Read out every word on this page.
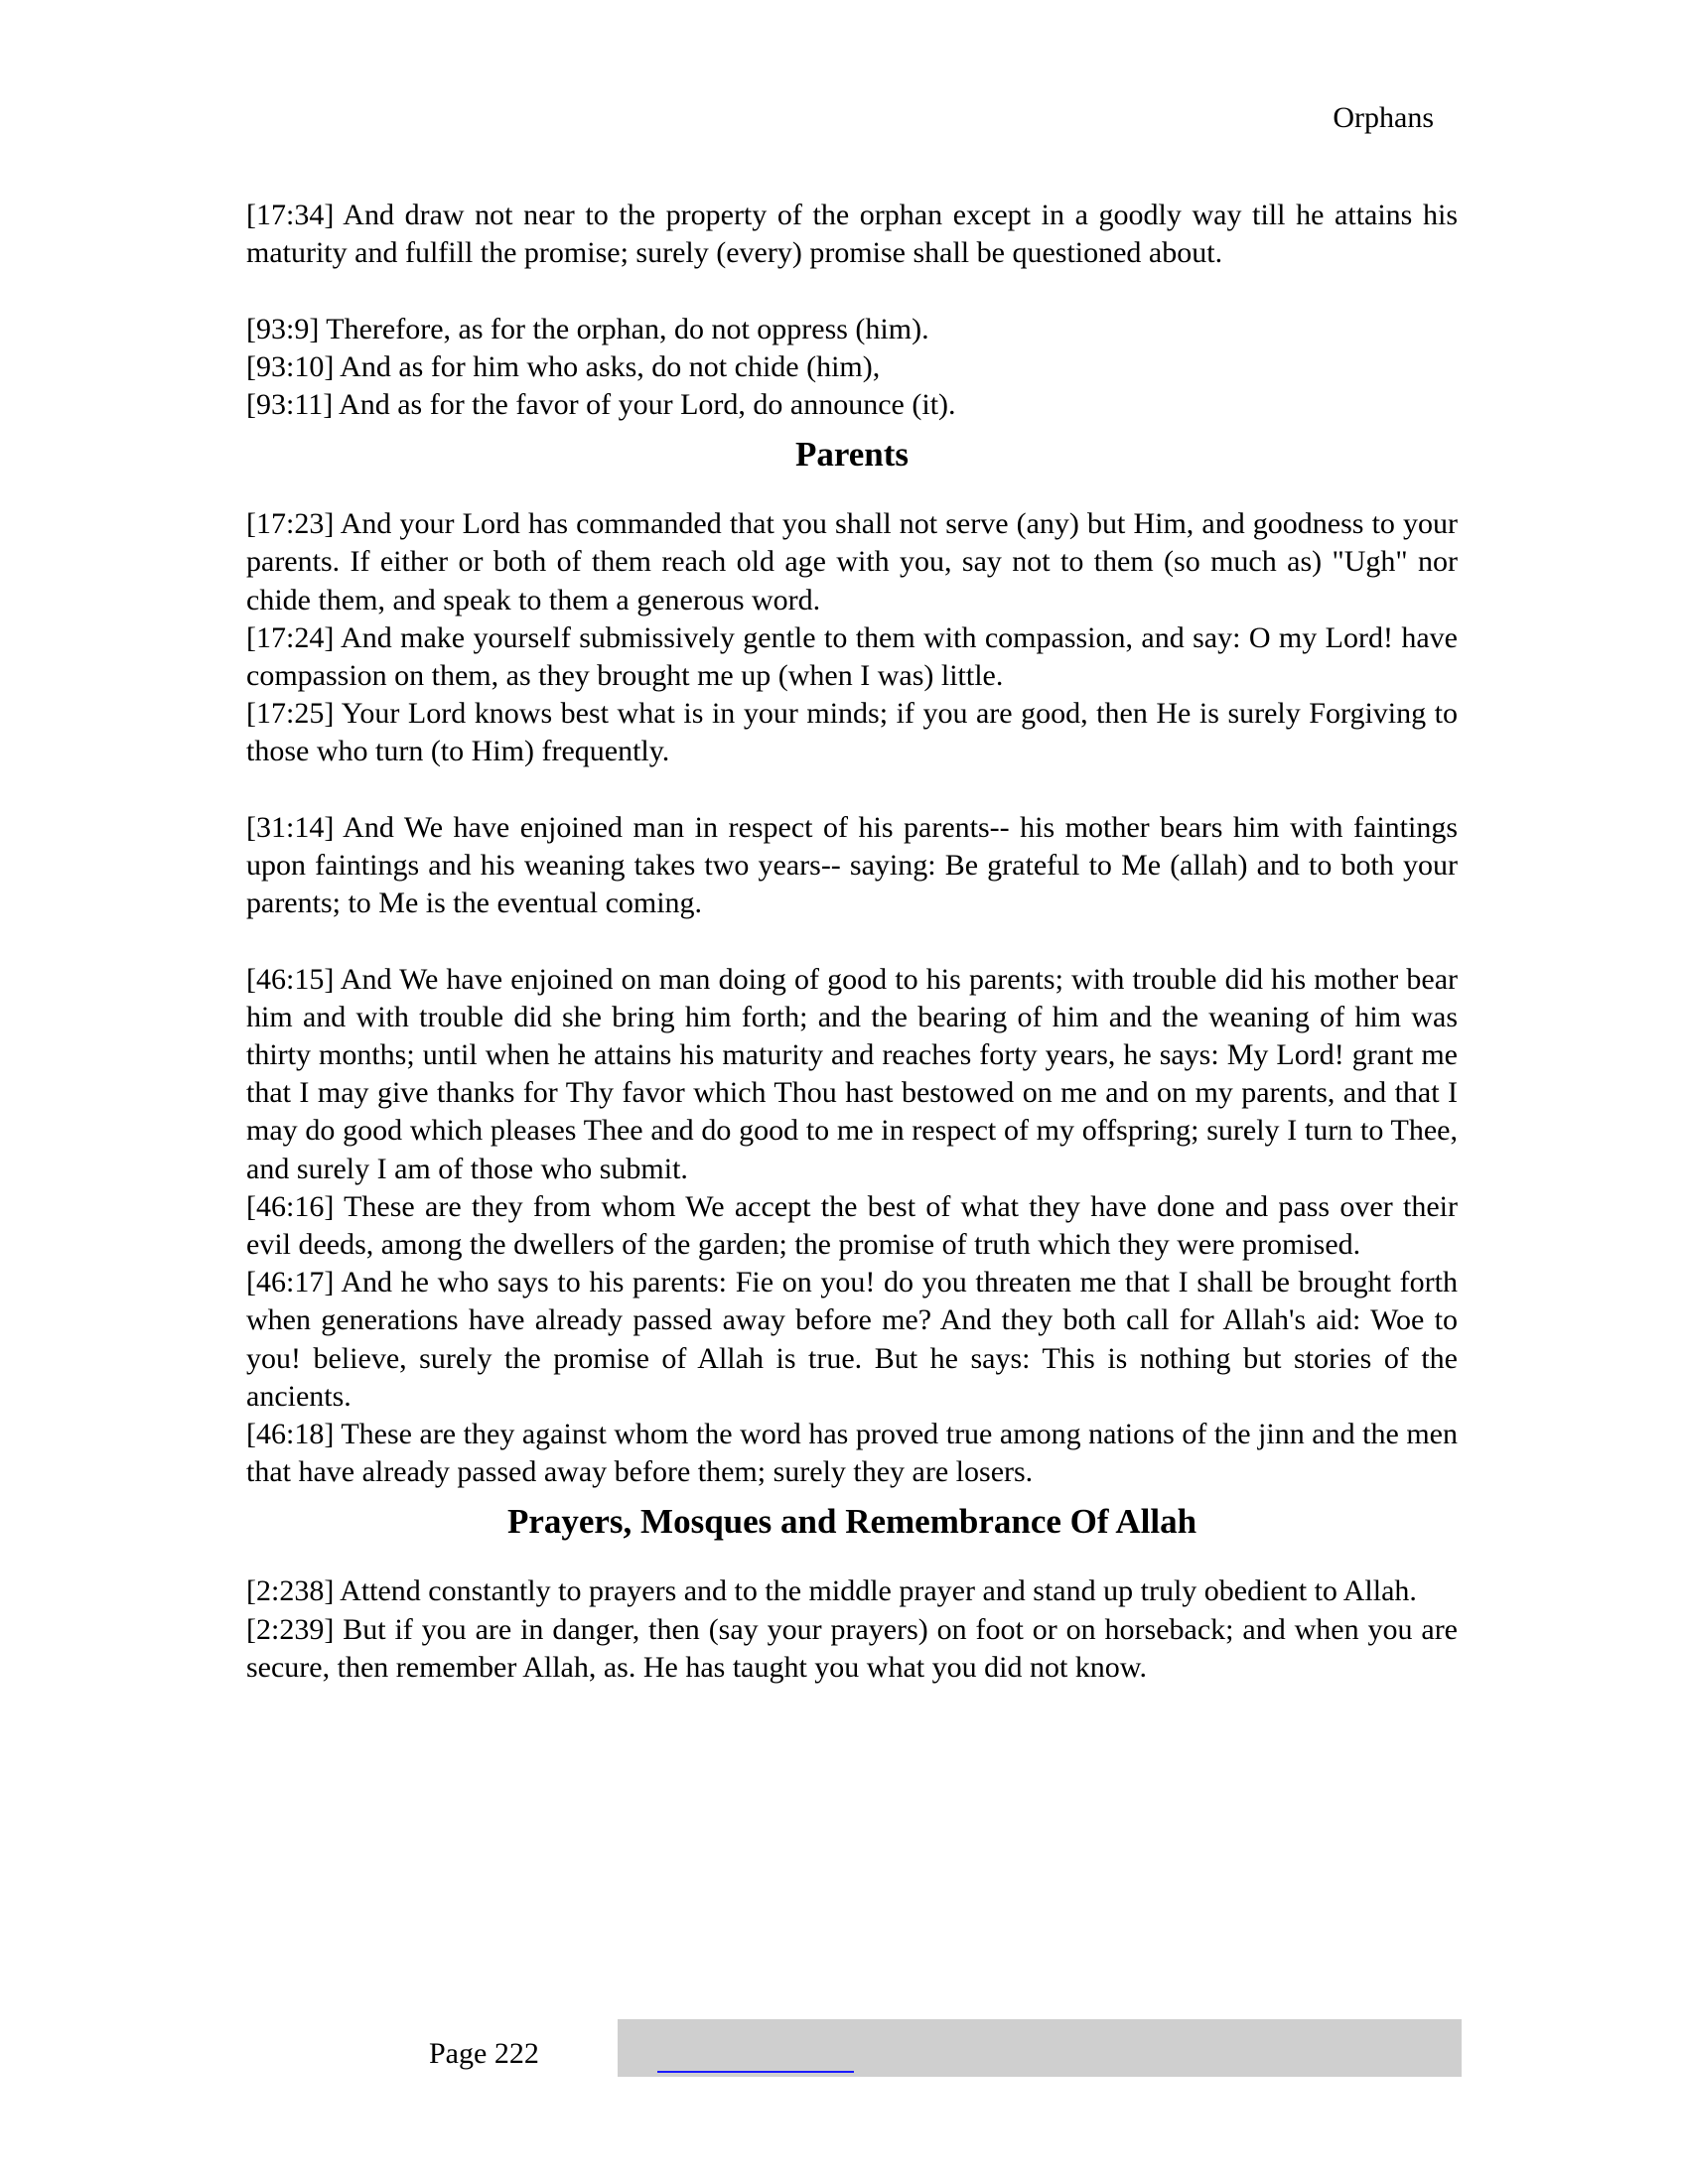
Orphans

[17:34] And draw not near to the property of the orphan except in a goodly way till he attains his maturity and fulfill the promise; surely (every) promise shall be questioned about.

[93:9] Therefore, as for the orphan, do not oppress (him).

[93:10] And as for him who asks, do not chide (him),

[93:11] And as for the favor of your Lord, do announce (it).

Parents

[17:23] And your Lord has commanded that you shall not serve (any) but Him, and goodness to your parents. If either or both of them reach old age with you, say not to them (so much as) "Ugh" nor chide them, and speak to them a generous word.

[17:24] And make yourself submissively gentle to them with compassion, and say: O my Lord! have compassion on them, as they brought me up (when I was) little.

[17:25] Your Lord knows best what is in your minds; if you are good, then He is surely Forgiving to those who turn (to Him) frequently.

[31:14] And We have enjoined man in respect of his parents-- his mother bears him with faintings upon faintings and his weaning takes two years-- saying: Be grateful to Me (allah) and to both your parents; to Me is the eventual coming.

[46:15] And We have enjoined on man doing of good to his parents; with trouble did his mother bear him and with trouble did she bring him forth; and the bearing of him and the weaning of him was thirty months; until when he attains his maturity and reaches forty years, he says: My Lord! grant me that I may give thanks for Thy favor which Thou hast bestowed on me and on my parents, and that I may do good which pleases Thee and do good to me in respect of my offspring; surely I turn to Thee, and surely I am of those who submit.

[46:16] These are they from whom We accept the best of what they have done and pass over their evil deeds, among the dwellers of the garden; the promise of truth which they were promised.

[46:17] And he who says to his parents: Fie on you! do you threaten me that I shall be brought forth when generations have already passed away before me? And they both call for Allah's aid: Woe to you! believe, surely the promise of Allah is true. But he says: This is nothing but stories of the ancients.

[46:18] These are they against whom the word has proved true among nations of the jinn and the men that have already passed away before them; surely they are losers.

Prayers, Mosques and Remembrance Of Allah

[2:238] Attend constantly to prayers and to the middle prayer and stand up truly obedient to Allah.

[2:239] But if you are in danger, then (say your prayers) on foot or on horseback; and when you are secure, then remember Allah, as. He has taught you what you did not know.

Page 222
